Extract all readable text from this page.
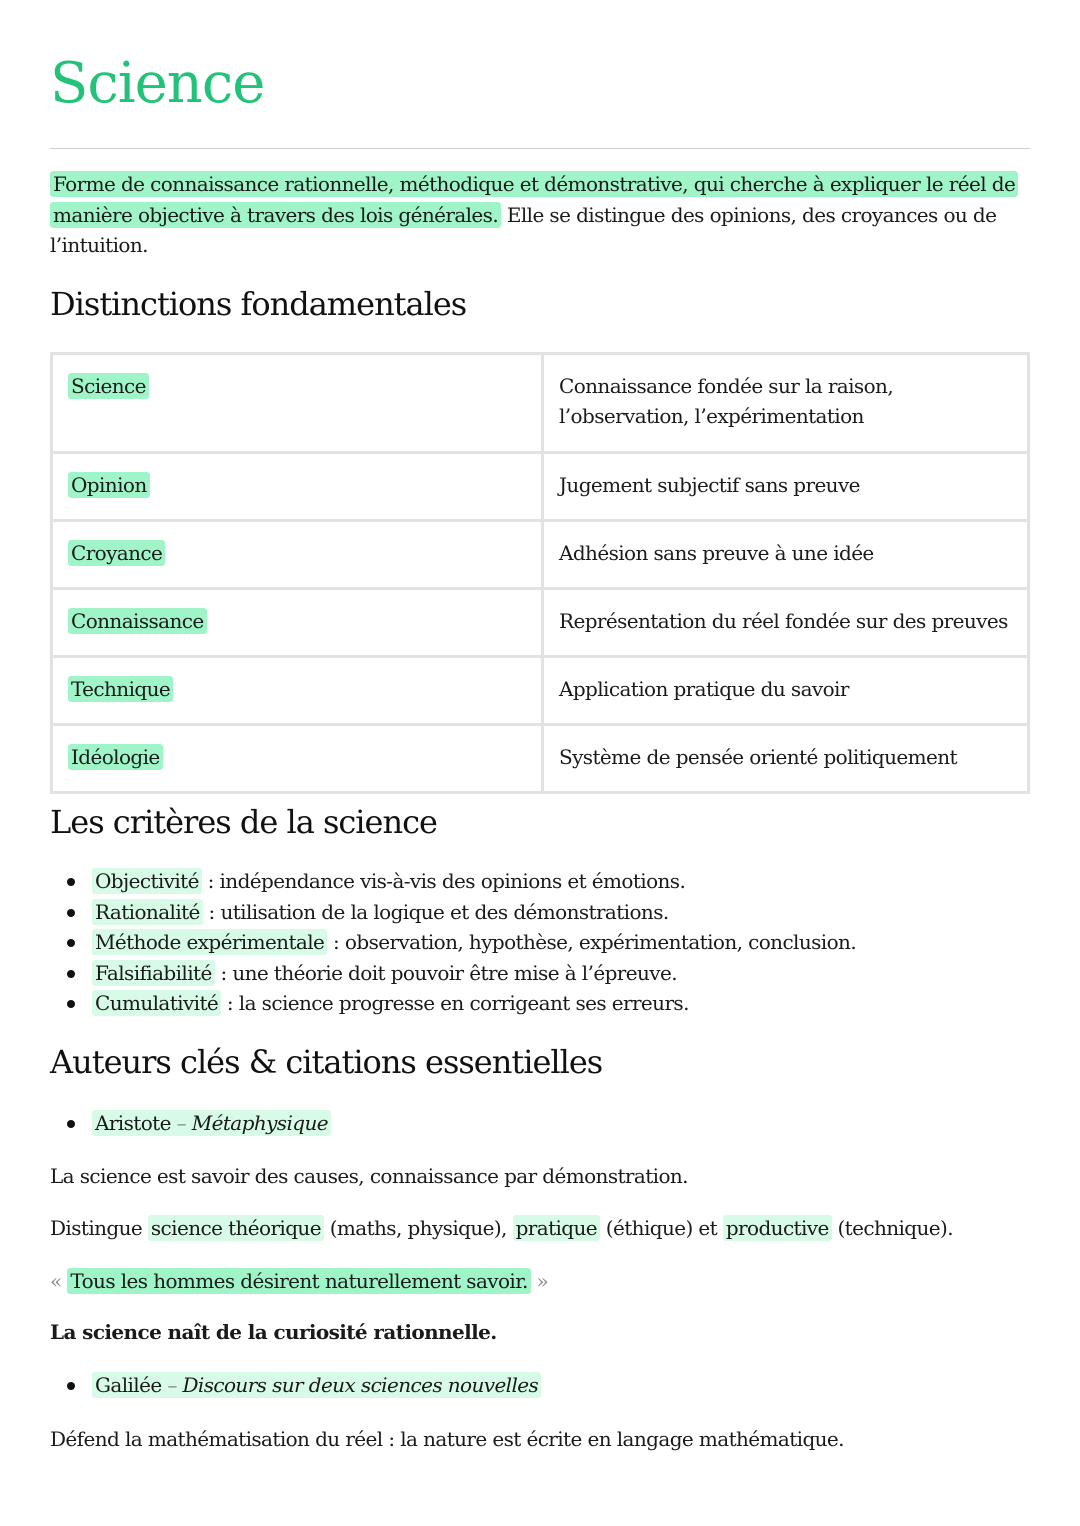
Science

Forme de connaissance rationnelle, méthodique et démonstrative, qui cherche à expliquer le réel de manière objective à travers des lois générales. Elle se distingue des opinions, des croyances ou de l’intuition.

Distinctions fondamentales
Science	Connaissance fondée sur la raison, l’observation, l’expérimentation
Opinion	Jugement subjectif sans preuve
Croyance	Adhésion sans preuve à une idée
Connaissance	Représentation du réel fondée sur des preuves
Technique	Application pratique du savoir
Idéologie	Système de pensée orienté politiquement
Les critères de la science
Objectivité : indépendance vis-à-vis des opinions et émotions.
Rationalité : utilisation de la logique et des démonstrations.
Méthode expérimentale : observation, hypothèse, expérimentation, conclusion.
Falsifiabilité : une théorie doit pouvoir être mise à l’épreuve.
Cumulativité : la science progresse en corrigeant ses erreurs.
Auteurs clés & citations essentielles
Aristote – Métaphysique

La science est savoir des causes, connaissance par démonstration.

Distingue science théorique (maths, physique), pratique (éthique) et productive (technique).

« Tous les hommes désirent naturellement savoir. »

La science naît de la curiosité rationnelle.

Galilée – Discours sur deux sciences nouvelles

Défend la mathématisation du réel : la nature est écrite en langage mathématique.
